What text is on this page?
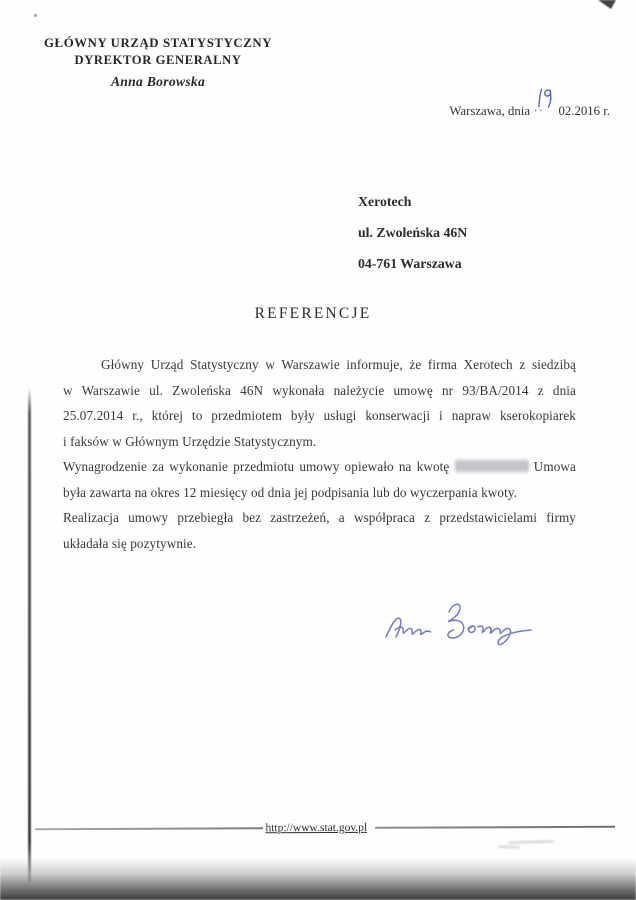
GŁÓWNY URZĄD STATYSTYCZNY
DYREKTOR GENERALNY
Anna Borowska
Warszawa, dnia .. 02.2016 r.
Xerotech
ul. Zwoleńska 46N
04-761 Warszawa
REFERENCJE
Główny Urząd Statystyczny w Warszawie informuje, że firma Xerotech z siedzibą
w Warszawie ul. Zwoleńska 46N wykonała należycie umowę nr 93/BA/2014 z dnia
25.07.2014 r., której to przedmiotem były usługi konserwacji i napraw kserokopiarek
i faksów w Głównym Urzędzie Statystycznym.
Wynagrodzenie za wykonanie przedmiotu umowy opiewało na kwotę	Umowa
była zawarta na okres 12 miesięcy od dnia jej podpisania lub do wyczerpania kwoty.
Realizacja umowy przebiegła bez zastrzeżeń, a współpraca z przedstawicielami firmy
układała się pozytywnie.
http://www.stat.gov.pl
